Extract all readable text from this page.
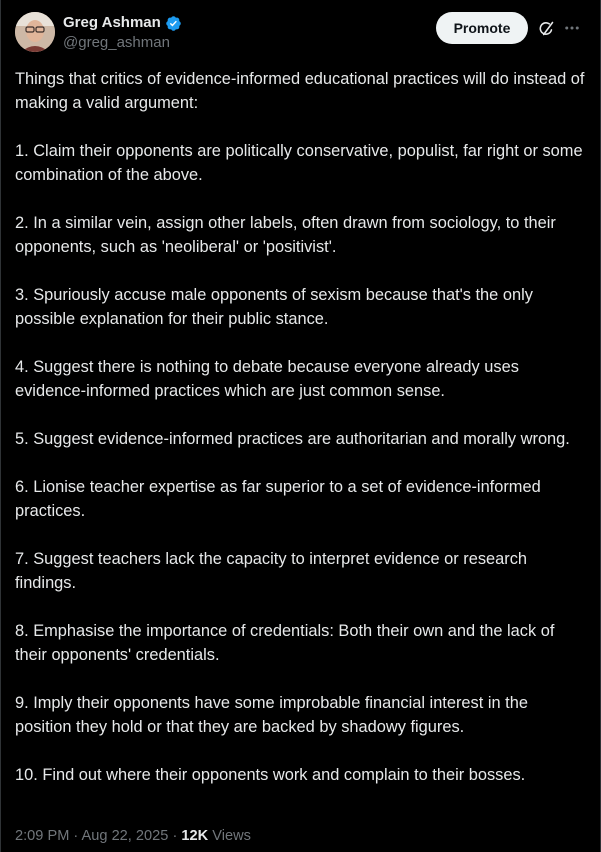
Greg Ashman
@greg_ashman
Promote

Things that critics of evidence-informed educational practices will do instead of making a valid argument:

1. Claim their opponents are politically conservative, populist, far right or some combination of the above.

2. In a similar vein, assign other labels, often drawn from sociology, to their opponents, such as 'neoliberal' or 'positivist'.

3. Spuriously accuse male opponents of sexism because that's the only possible explanation for their public stance.

4. Suggest there is nothing to debate because everyone already uses evidence-informed practices which are just common sense.

5. Suggest evidence-informed practices are authoritarian and morally wrong.

6. Lionise teacher expertise as far superior to a set of evidence-informed practices.

7. Suggest teachers lack the capacity to interpret evidence or research findings.

8. Emphasise the importance of credentials: Both their own and the lack of their opponents' credentials.

9. Imply their opponents have some improbable financial interest in the position they hold or that they are backed by shadowy figures.

10. Find out where their opponents work and complain to their bosses.

2:09 PM · Aug 22, 2025 · 12K Views
